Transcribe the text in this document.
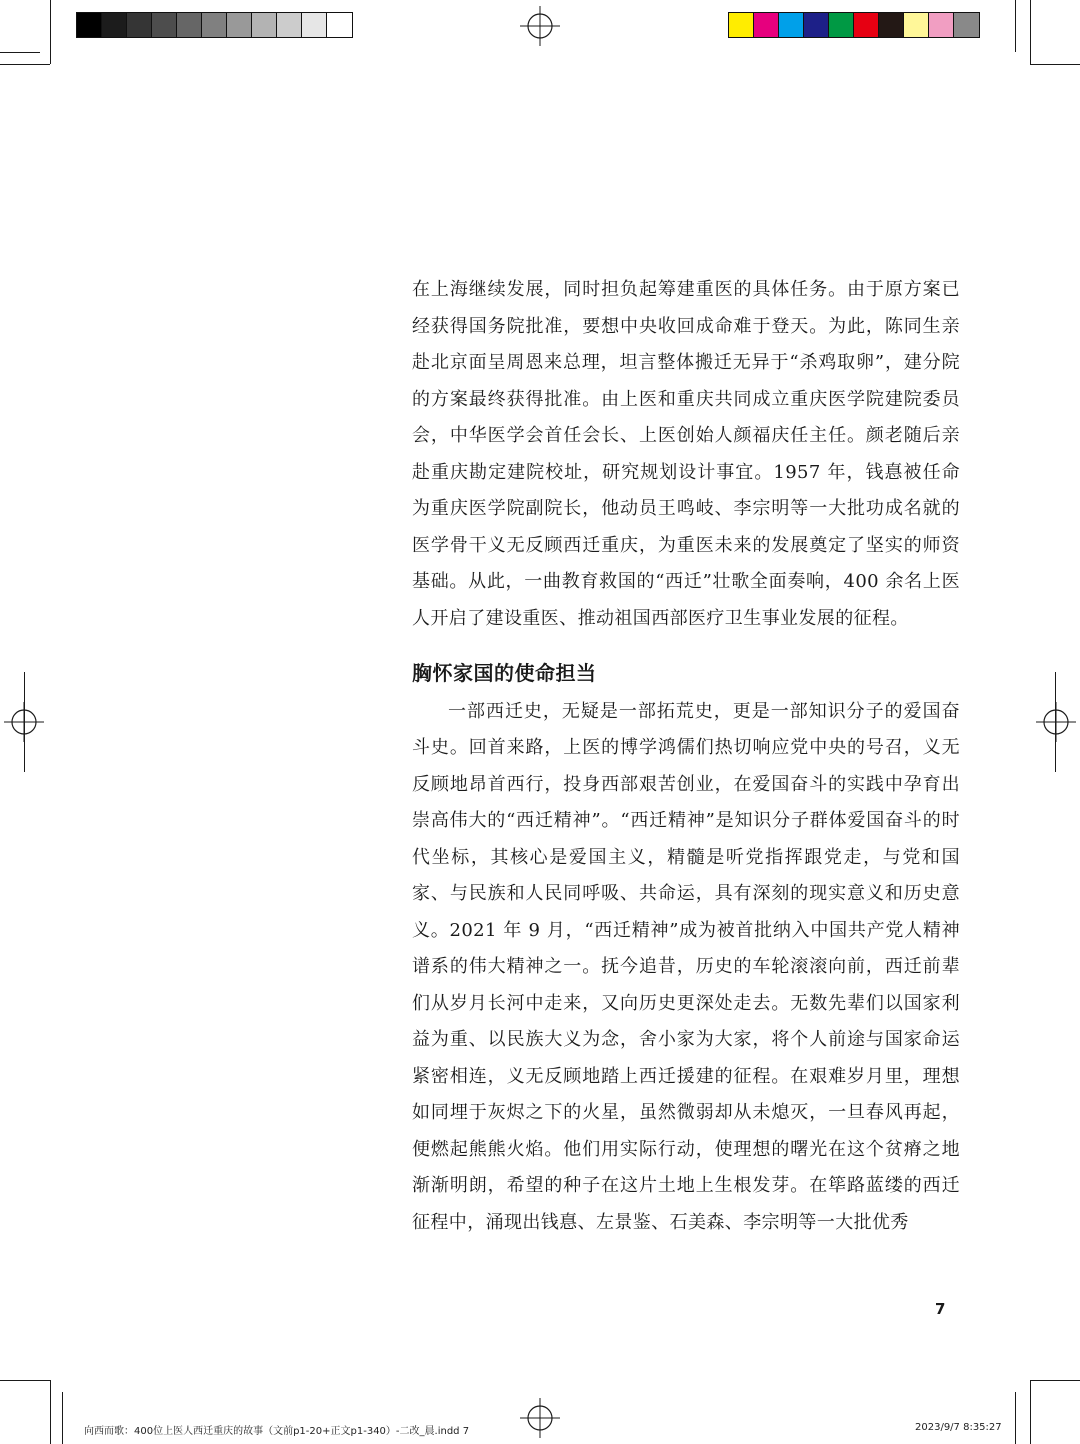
在上海继续发展，同时担负起筹建重医的具体任务。由于原方案已经获得国务院批准，要想中央收回成命难于登天。为此，陈同生亲赴北京面呈周恩来总理，坦言整体搬迁无异于“杀鸡取卵”，建分院的方案最终获得批准。由上医和重庆共同成立重庆医学院建院委员会，中华医学会首任会长、上医创始人颜福庆任主任。颜老随后亲赴重庆勘定建院校址，研究规划设计事宜。1957 年，钱惪被任命为重庆医学院副院长，他动员王鸣岐、李宗明等一大批功成名就的医学骨干义无反顾西迁重庆，为重医未来的发展奠定了坚实的师资基础。从此，一曲教育救国的“西迁”壮歌全面奏响，400 余名上医人开启了建设重医、推动祖国西部医疗卫生事业发展的征程。

胸怀家国的使命担当

一部西迁史，无疑是一部拓荒史，更是一部知识分子的爱国奋斗史。回首来路，上医的博学鸿儒们热切响应党中央的号召，义无反顾地昂首西行，投身西部艰苦创业，在爱国奋斗的实践中孕育出崇高伟大的“西迁精神”。“西迁精神”是知识分子群体爱国奋斗的时代坐标，其核心是爱国主义，精髓是听党指挥跟党走，与党和国家、与民族和人民同呼吸、共命运，具有深刻的现实意义和历史意义。2021 年 9 月，“西迁精神”成为被首批纳入中国共产党人精神谱系的伟大精神之一。抚今追昔，历史的车轮滚滚向前，西迁前辈们从岁月长河中走来，又向历史更深处走去。无数先辈们以国家利益为重、以民族大义为念，舍小家为大家，将个人前途与国家命运紧密相连，义无反顾地踏上西迁援建的征程。在艰难岁月里，理想如同埋于灰烬之下的火星，虽然微弱却从未熄灭，一旦春风再起，便燃起熊熊火焰。他们用实际行动，使理想的曙光在这个贫瘠之地渐渐明朗，希望的种子在这片土地上生根发芽。在筚路蓝缕的西迁征程中，涌现出钱惪、左景鉴、石美森、李宗明等一大批优秀

7
向西而歌：400位上医人西迁重庆的故事（文前p1-20+正文p1-340）-二改_晨.indd 7	2023/9/7 8:35:27
